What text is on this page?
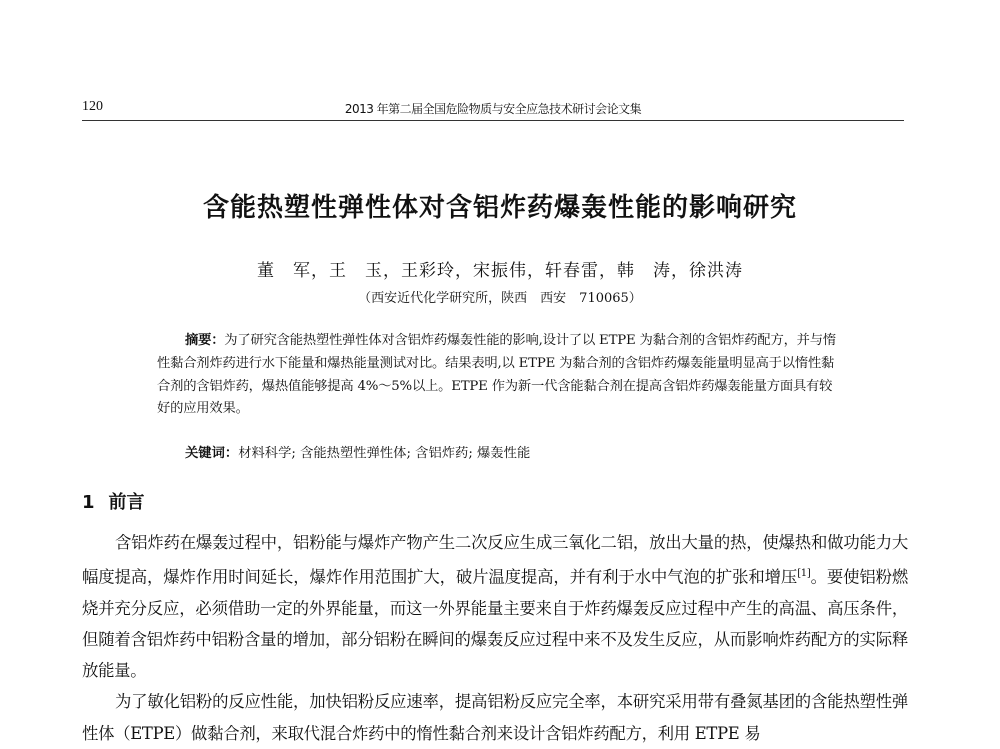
120	2013 年第二届全国危险物质与安全应急技术研讨会论文集
含能热塑性弹性体对含铝炸药爆轰性能的影响研究
董　军，王　玉，王彩玲，宋振伟，轩春雷，韩　涛，徐洪涛
（西安近代化学研究所，陕西　西安　710065）
摘要：为了研究含能热塑性弹性体对含铝炸药爆轰性能的影响,设计了以 ETPE 为黏合剂的含铝炸药配方，并与惰性黏合剂炸药进行水下能量和爆热能量测试对比。结果表明,以 ETPE 为黏合剂的含铝炸药爆轰能量明显高于以惰性黏合剂的含铝炸药，爆热值能够提高 4%～5%以上。ETPE 作为新一代含能黏合剂在提高含铝炸药爆轰能量方面具有较好的应用效果。
关键词：材料科学; 含能热塑性弹性体; 含铝炸药; 爆轰性能
1 前言

含铝炸药在爆轰过程中，铝粉能与爆炸产物产生二次反应生成三氧化二铝，放出大量的热，使爆热和做功能力大幅度提高，爆炸作用时间延长，爆炸作用范围扩大，破片温度提高，并有利于水中气泡的扩张和增压[1]。要使铝粉燃烧并充分反应，必须借助一定的外界能量，而这一外界能量主要来自于炸药爆轰反应过程中产生的高温、高压条件，但随着含铝炸药中铝粉含量的增加，部分铝粉在瞬间的爆轰反应过程中来不及发生反应，从而影响炸药配方的实际释放能量。

为了敏化铝粉的反应性能，加快铝粉反应速率，提高铝粉反应完全率，本研究采用带有叠氮基团的含能热塑性弹性体（ETPE）做黏合剂，来取代混合炸药中的惰性黏合剂来设计含铝炸药配方，利用 ETPE 易
